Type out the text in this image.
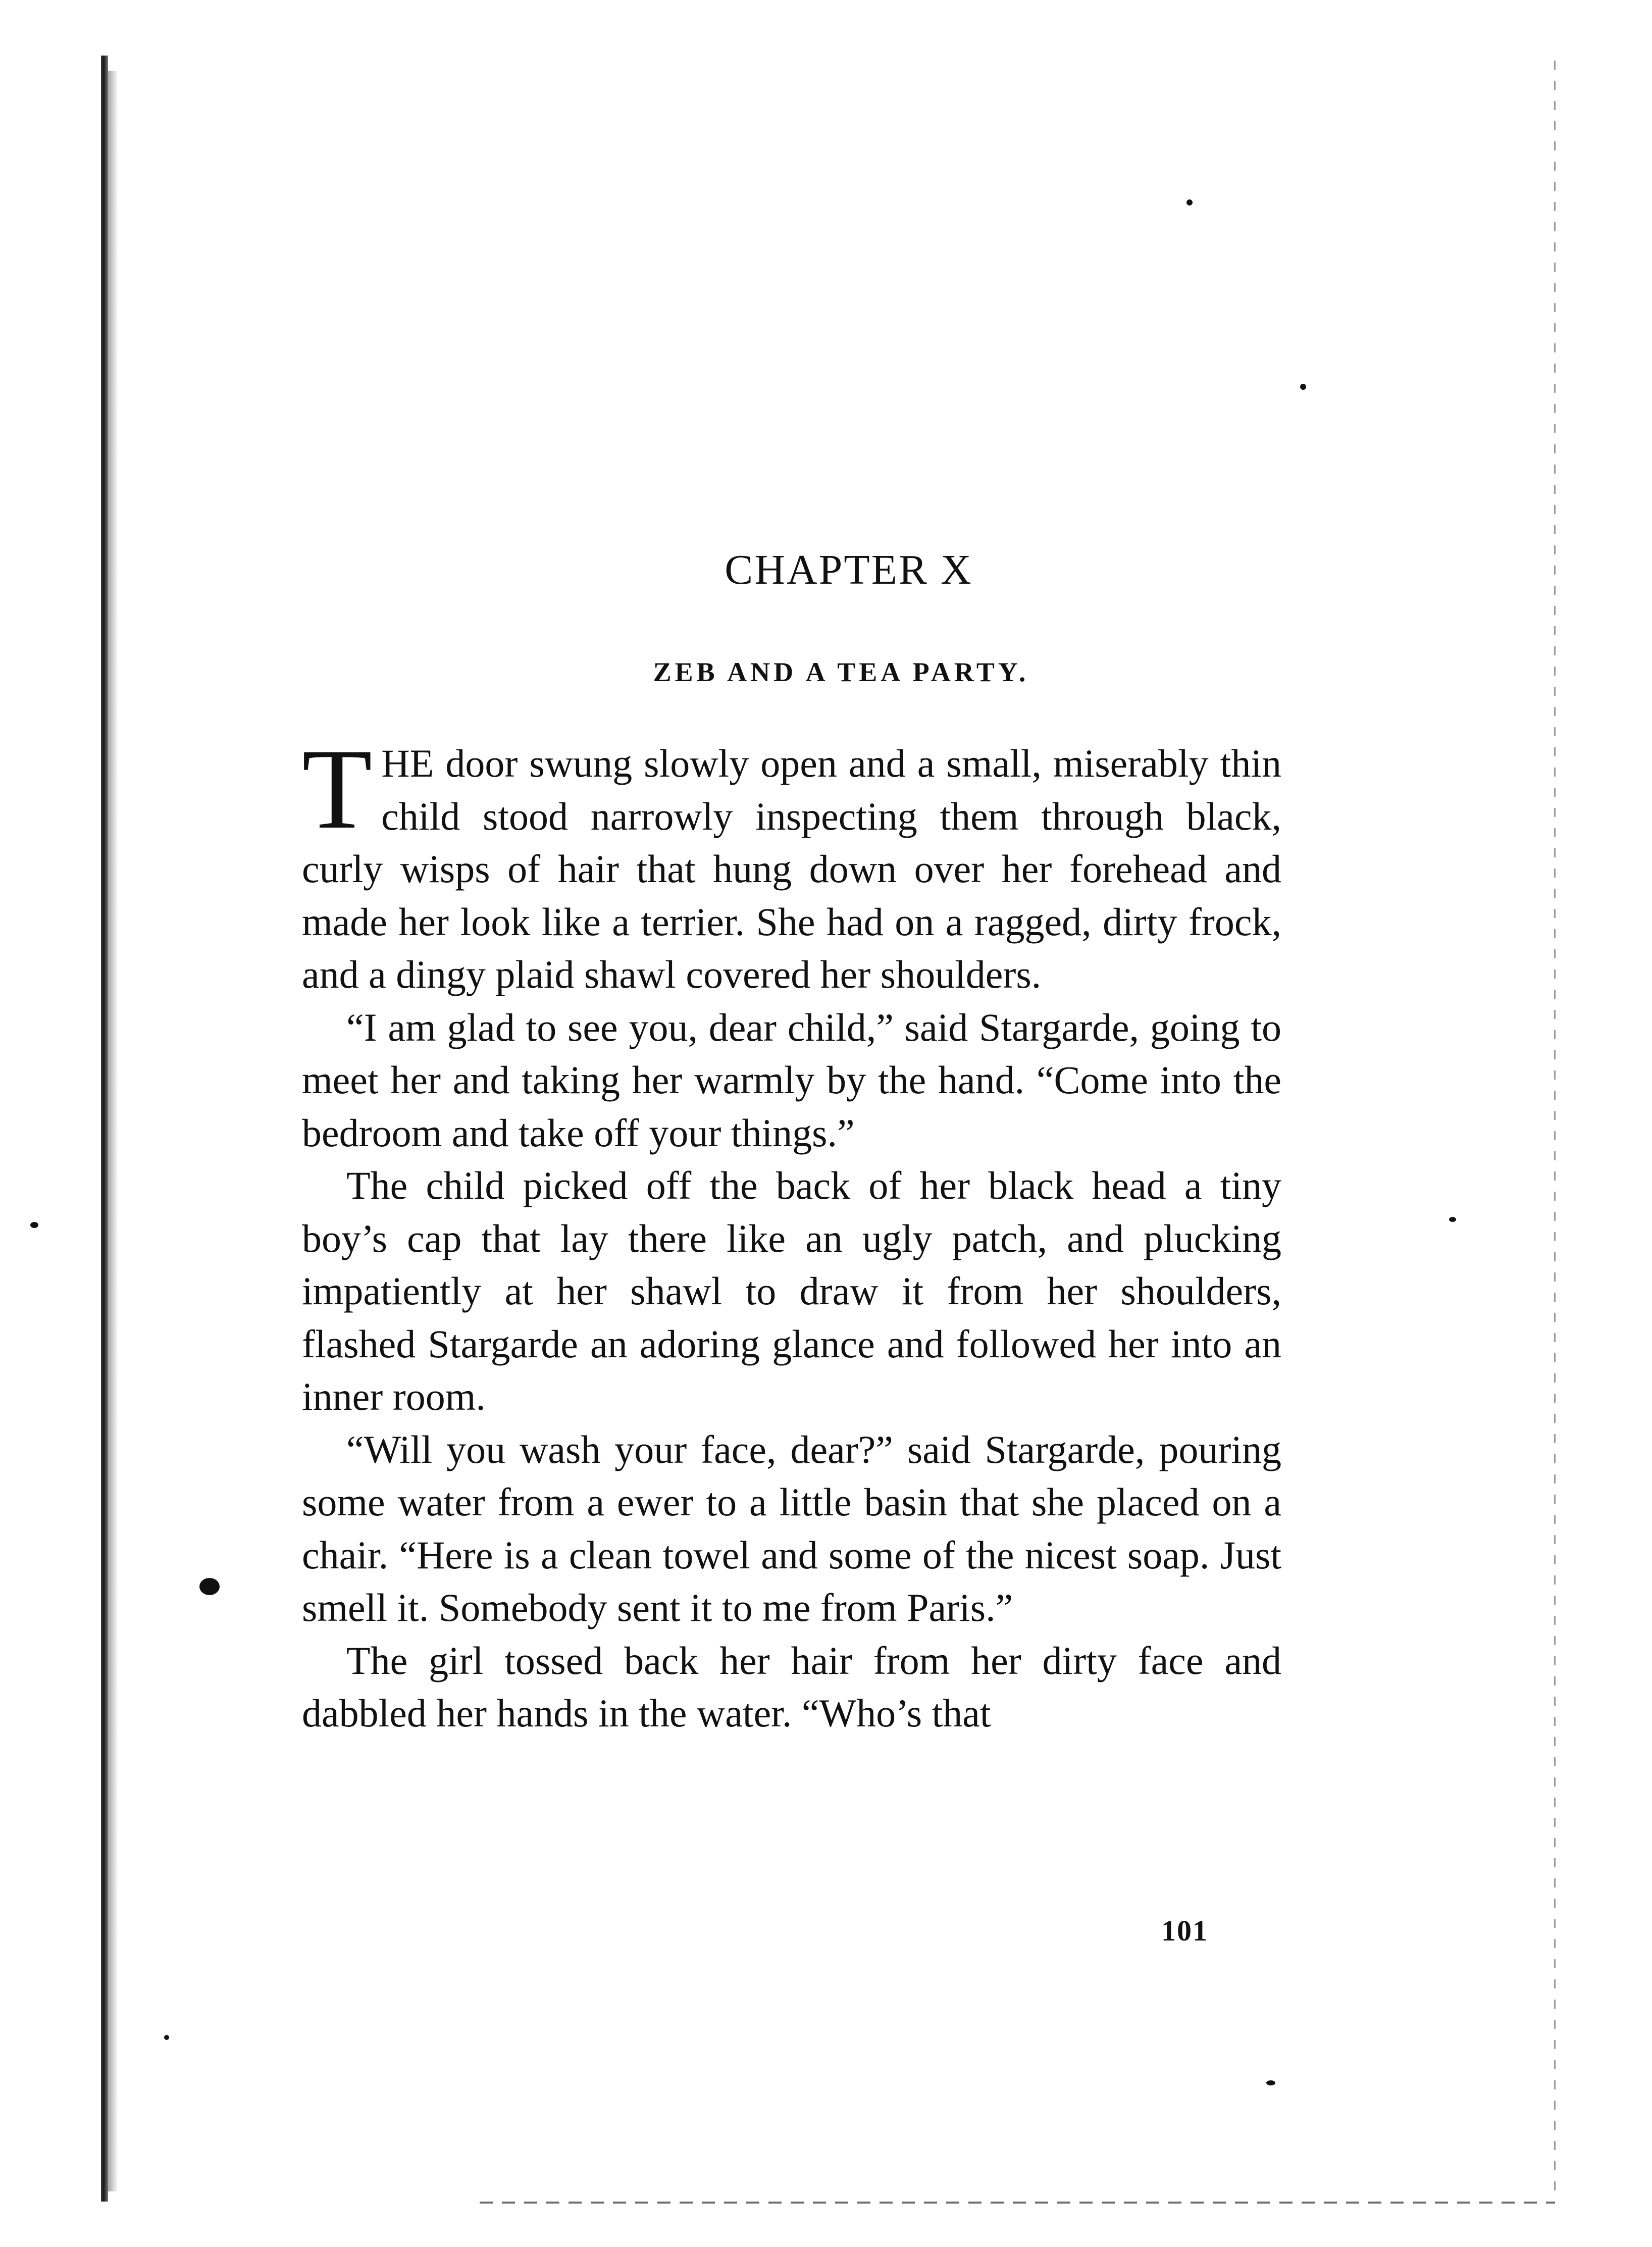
CHAPTER X
ZEB AND A TEA PARTY.

THE door swung slowly open and a small, miserably thin child stood narrowly inspecting them through black, curly wisps of hair that hung down over her forehead and made her look like a terrier. She had on a ragged, dirty frock, and a dingy plaid shawl covered her shoulders.

“I am glad to see you, dear child,” said Stargarde, going to meet her and taking her warmly by the hand. “Come into the bedroom and take off your things.”

The child picked off the back of her black head a tiny boy’s cap that lay there like an ugly patch, and plucking impatiently at her shawl to draw it from her shoulders, flashed Stargarde an adoring glance and followed her into an inner room.

“Will you wash your face, dear?” said Stargarde, pouring some water from a ewer to a little basin that she placed on a chair. “Here is a clean towel and some of the nicest soap. Just smell it. Somebody sent it to me from Paris.”

The girl tossed back her hair from her dirty face and dabbled her hands in the water. “Who’s that

101
